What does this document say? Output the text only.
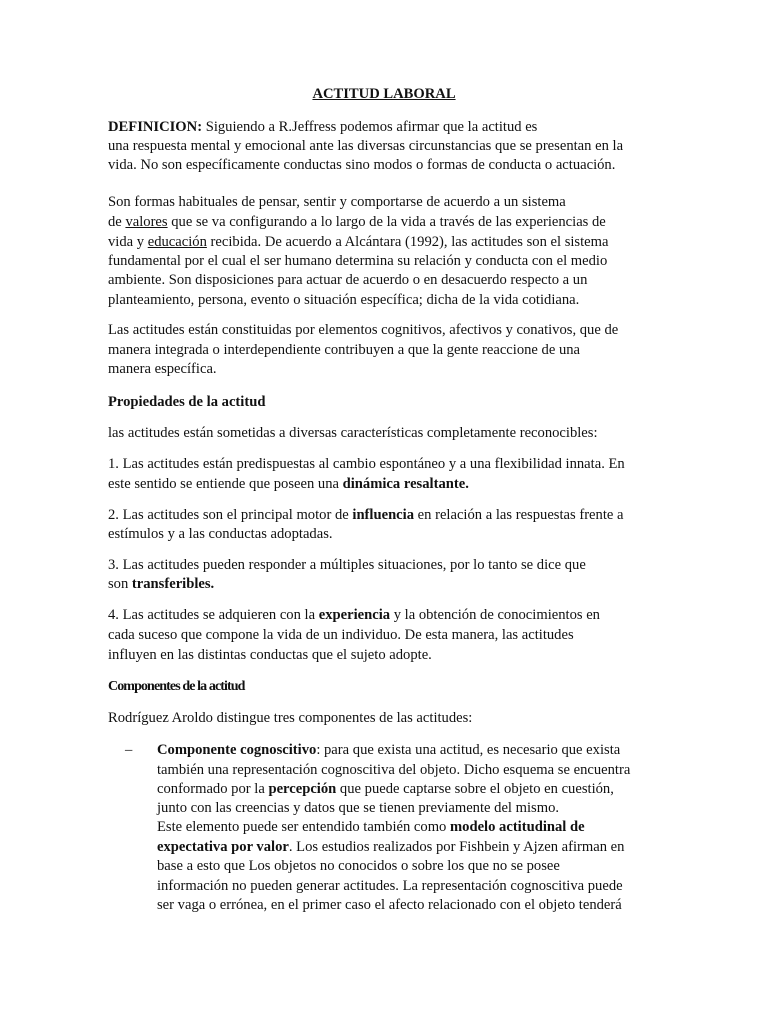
ACTITUD LABORAL
DEFINICION: Siguiendo a R.Jeffress podemos afirmar que la actitud es
una respuesta mental y emocional ante las diversas circunstancias que se presentan en la
vida. No son específicamente conductas sino modos o formas de conducta o actuación.
Son formas habituales de pensar, sentir y comportarse de acuerdo a un sistema
de valores que se va configurando a lo largo de la vida a través de las experiencias de
vida y educación recibida. De acuerdo a Alcántara (1992), las actitudes son el sistema
fundamental por el cual el ser humano determina su relación y conducta con el medio
ambiente. Son disposiciones para actuar de acuerdo o en desacuerdo respecto a un
planteamiento, persona, evento o situación específica; dicha de la vida cotidiana.
Las actitudes están constituidas por elementos cognitivos, afectivos y conativos, que de
manera integrada o interdependiente contribuyen a que la gente reaccione de una
manera específica.
Propiedades de la actitud
las actitudes están sometidas a diversas características completamente reconocibles:
1. Las actitudes están predispuestas al cambio espontáneo y a una flexibilidad innata. En
este sentido se entiende que poseen una dinámica resaltante.
2. Las actitudes son el principal motor de influencia en relación a las respuestas frente a
estímulos y a las conductas adoptadas.
3. Las actitudes pueden responder a múltiples situaciones, por lo tanto se dice que
son transferibles.
4. Las actitudes se adquieren con la experiencia y la obtención de conocimientos en
cada suceso que compone la vida de un individuo. De esta manera, las actitudes
influyen en las distintas conductas que el sujeto adopte.
Componentes de la actitud
Rodríguez Aroldo distingue tres componentes de las actitudes:
– Componente cognoscitivo: para que exista una actitud, es necesario que exista
también una representación cognoscitiva del objeto. Dicho esquema se encuentra
conformado por la percepción que puede captarse sobre el objeto en cuestión,
junto con las creencias y datos que se tienen previamente del mismo.
Este elemento puede ser entendido también como modelo actitudinal de
expectativa por valor. Los estudios realizados por Fishbein y Ajzen afirman en
base a esto que Los objetos no conocidos o sobre los que no se posee
información no pueden generar actitudes. La representación cognoscitiva puede
ser vaga o errónea, en el primer caso el afecto relacionado con el objeto tenderá
